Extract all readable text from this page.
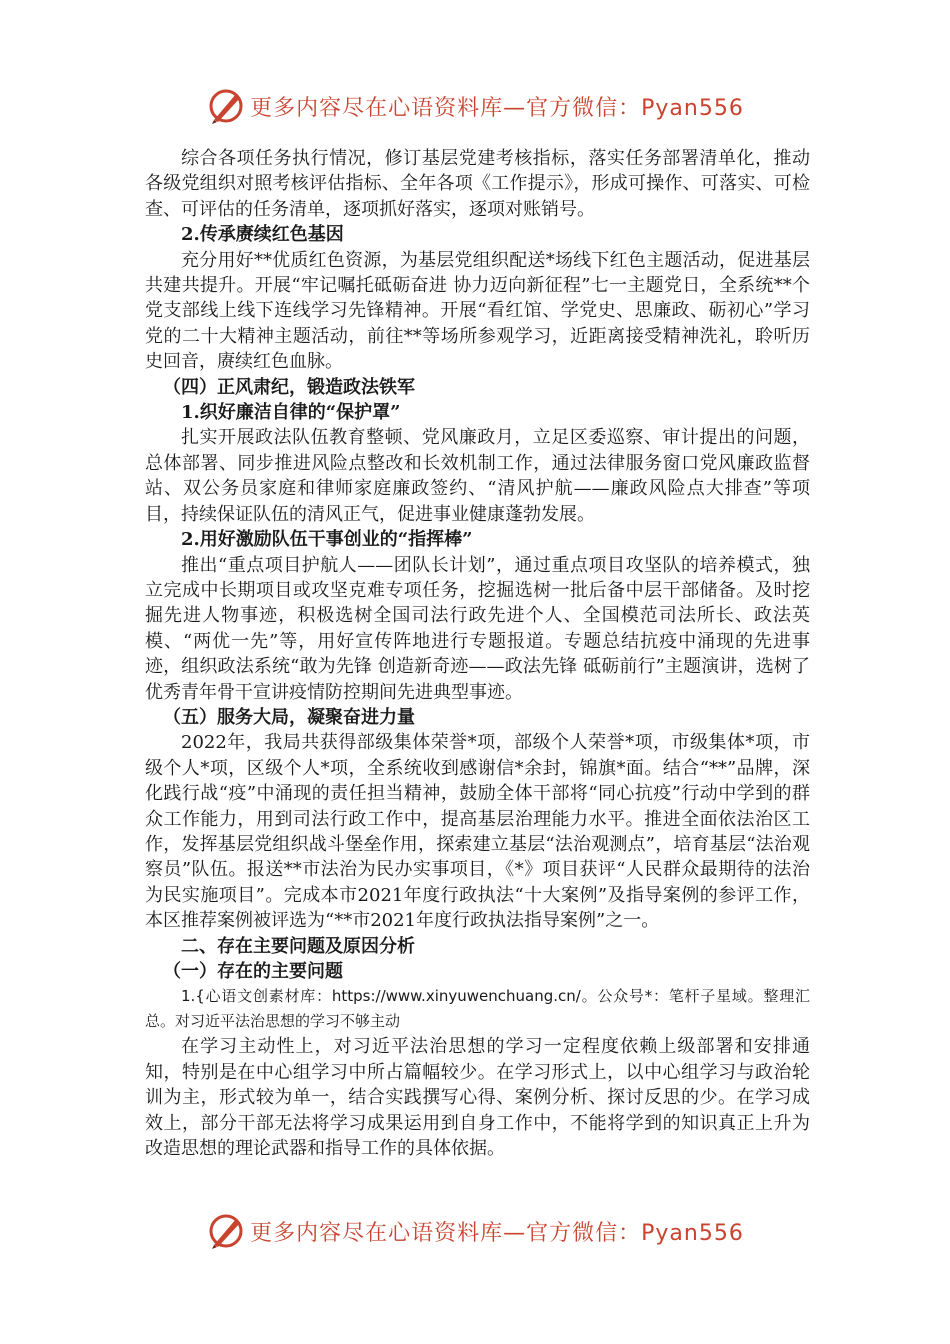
更多内容尽在心语资料库—官方微信：Pyan556

综合各项任务执行情况，修订基层党建考核指标，落实任务部署清单化，推动各级党组织对照考核评估指标、全年各项《工作提示》，形成可操作、可落实、可检查、可评估的任务清单，逐项抓好落实，逐项对账销号。

2.传承赓续红色基因

充分用好**优质红色资源，为基层党组织配送*场线下红色主题活动，促进基层共建共提升。开展“牢记嘱托砥砺奋进 协力迈向新征程”七一主题党日，全系统**个党支部线上线下连线学习先锋精神。开展“看红馆、学党史、思廉政、砺初心”学习党的二十大精神主题活动，前往**等场所参观学习，近距离接受精神洗礼，聆听历史回音，赓续红色血脉。

（四）正风肃纪，锻造政法铁军

1.织好廉洁自律的“保护罩”

扎实开展政法队伍教育整顿、党风廉政月，立足区委巡察、审计提出的问题，总体部署、同步推进风险点整改和长效机制工作，通过法律服务窗口党风廉政监督站、双公务员家庭和律师家庭廉政签约、“清风护航——廉政风险点大排查”等项目，持续保证队伍的清风正气，促进事业健康蓬勃发展。

2.用好激励队伍干事创业的“指挥棒”

推出“重点项目护航人——团队长计划”，通过重点项目攻坚队的培养模式，独立完成中长期项目或攻坚克难专项任务，挖掘选树一批后备中层干部储备。及时挖掘先进人物事迹，积极选树全国司法行政先进个人、全国模范司法所长、政法英模、“两优一先”等，用好宣传阵地进行专题报道。专题总结抗疫中涌现的先进事迹，组织政法系统“敢为先锋 创造新奇迹——政法先锋 砥砺前行”主题演讲，选树了优秀青年骨干宣讲疫情防控期间先进典型事迹。

（五）服务大局，凝聚奋进力量

2022年，我局共获得部级集体荣誉*项，部级个人荣誉*项，市级集体*项，市级个人*项，区级个人*项，全系统收到感谢信*余封，锦旗*面。结合“**”品牌，深化践行战“疫”中涌现的责任担当精神，鼓励全体干部将“同心抗疫”行动中学到的群众工作能力，用到司法行政工作中，提高基层治理能力水平。推进全面依法治区工作，发挥基层党组织战斗堡垒作用，探索建立基层“法治观测点”，培育基层“法治观察员”队伍。报送**市法治为民办实事项目，《*》项目获评“人民群众最期待的法治为民实施项目”。完成本市2021年度行政执法“十大案例”及指导案例的参评工作，本区推荐案例被评选为“**市2021年度行政执法指导案例”之一。

二、存在主要问题及原因分析

（一）存在的主要问题

1.{心语文创素材库：https://www.xinyuwenchuang.cn/。公众号*：笔杆子星域。整理汇总。对习近平法治思想的学习不够主动

在学习主动性上，对习近平法治思想的学习一定程度依赖上级部署和安排通知，特别是在中心组学习中所占篇幅较少。在学习形式上，以中心组学习与政治轮训为主，形式较为单一，结合实践撰写心得、案例分析、探讨反思的少。在学习成效上，部分干部无法将学习成果运用到自身工作中，不能将学到的知识真正上升为改造思想的理论武器和指导工作的具体依据。

更多内容尽在心语资料库—官方微信：Pyan556
